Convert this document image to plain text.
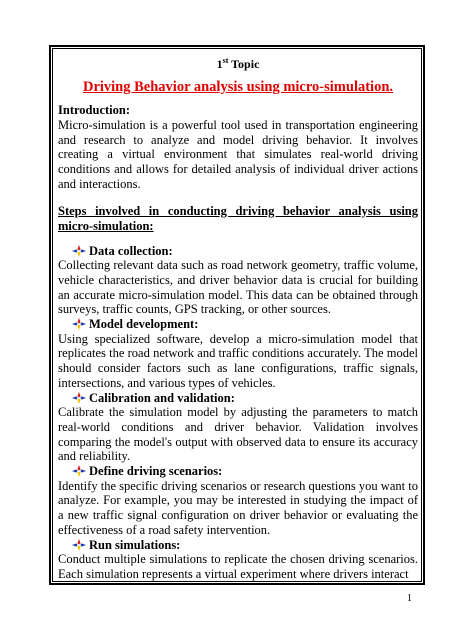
1st Topic

Driving Behavior analysis using micro-simulation.

Introduction:

Micro-simulation is a powerful tool used in transportation engineering and research to analyze and model driving behavior. It involves creating a virtual environment that simulates real-world driving conditions and allows for detailed analysis of individual driver actions and interactions.

Steps involved in conducting driving behavior analysis using micro-simulation:

Data collection:

Collecting relevant data such as road network geometry, traffic volume, vehicle characteristics, and driver behavior data is crucial for building an accurate micro-simulation model. This data can be obtained through surveys, traffic counts, GPS tracking, or other sources.

Model development:

Using specialized software, develop a micro-simulation model that replicates the road network and traffic conditions accurately. The model should consider factors such as lane configurations, traffic signals, intersections, and various types of vehicles.

Calibration and validation:

Calibrate the simulation model by adjusting the parameters to match real-world conditions and driver behavior. Validation involves comparing the model's output with observed data to ensure its accuracy and reliability.

Define driving scenarios:

Identify the specific driving scenarios or research questions you want to analyze. For example, you may be interested in studying the impact of a new traffic signal configuration on driver behavior or evaluating the effectiveness of a road safety intervention.

Run simulations:

Conduct multiple simulations to replicate the chosen driving scenarios. Each simulation represents a virtual experiment where drivers interact

1
